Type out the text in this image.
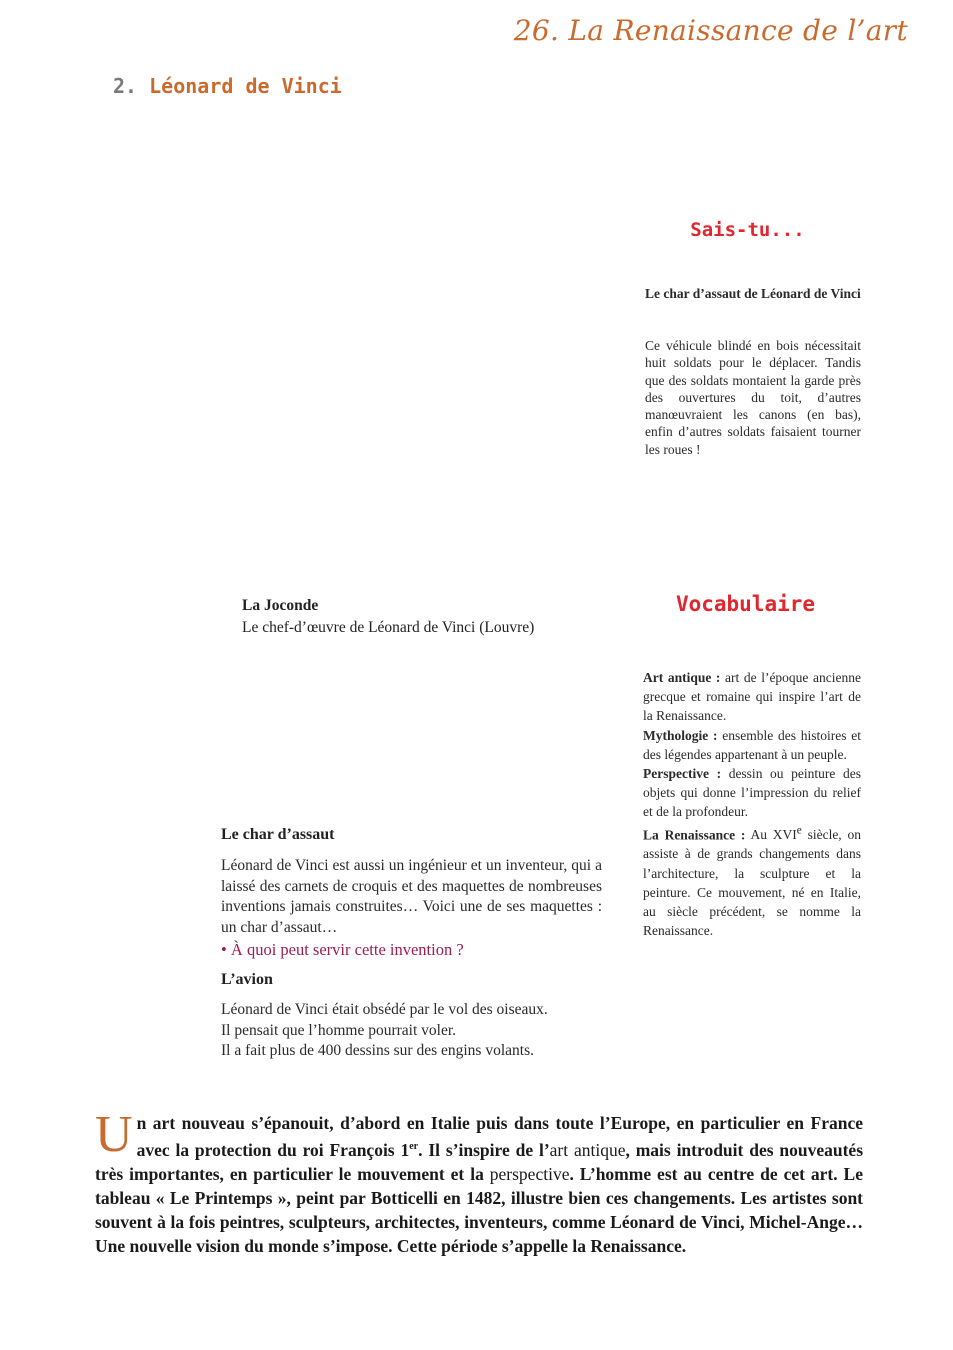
26. La Renaissance de l’art
2. Léonard de Vinci
Sais-tu...
Le char d’assaut de Léonard de Vinci
Ce véhicule blindé en bois nécessitait huit soldats pour le déplacer. Tandis que des soldats montaient la garde près des ouvertures du toit, d’autres manœuvraient les canons (en bas), enfin d’autres soldats faisaient tourner les roues !
La Joconde
Le chef-d’œuvre de Léonard de Vinci (Louvre)
Vocabulaire
Art antique : art de l’époque ancienne grecque et romaine qui inspire l’art de la Renaissance.
Mythologie : ensemble des histoires et des légendes appartenant à un peuple.
Perspective : dessin ou peinture des objets qui donne l’impression du relief et de la profondeur.
La Renaissance : Au XVIe siècle, on assiste à de grands changements dans l’architecture, la sculpture et la peinture. Ce mouvement, né en Italie, au siècle précédent, se nomme la Renaissance.
Le char d’assaut
Léonard de Vinci est aussi un ingénieur et un inventeur, qui a laissé des carnets de croquis et des maquettes de nombreuses inventions jamais construites… Voici une de ses maquettes : un char d’assaut…
• À quoi peut servir cette invention ?
L’avion
Léonard de Vinci était obsédé par le vol des oiseaux.
Il pensait que l’homme pourrait voler.
Il a fait plus de 400 dessins sur des engins volants.
Un art nouveau s’épanouit, d’abord en Italie puis dans toute l’Europe, en particulier en France avec la protection du roi François 1er. Il s’inspire de l’art antique, mais introduit des nouveautés très importantes, en particulier le mouvement et la perspective. L’homme est au centre de cet art. Le tableau « Le Printemps », peint par Botticelli en 1482, illustre bien ces changements. Les artistes sont souvent à la fois peintres, sculpteurs, architectes, inventeurs, comme Léonard de Vinci, Michel-Ange… Une nouvelle vision du monde s’impose. Cette période s’appelle la Renaissance.
